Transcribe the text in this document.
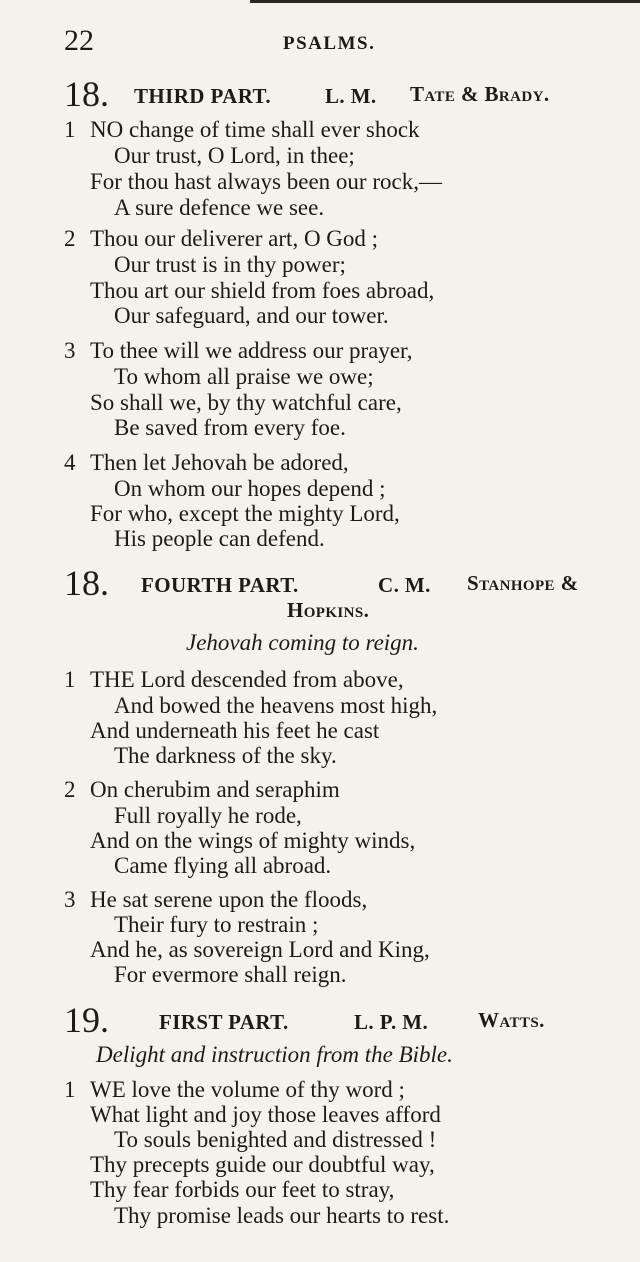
22	PSALMS.
18. THIRD PART.	L. M. Tate & Brady.
1 NO change of time shall ever shock
Our trust, O Lord, in thee;
For thou hast always been our rock,—
A sure defence we see.
2 Thou our deliverer art, O God ;
Our trust is in thy power;
Thou art our shield from foes abroad,
Our safeguard, and our tower.
3 To thee will we address our prayer,
To whom all praise we owe;
So shall we, by thy watchful care,
Be saved from every foe.
4 Then let Jehovah be adored,
On whom our hopes depend ;
For who, except the mighty Lord,
His people can defend.
18. FOURTH PART.	C. M. Stanhope &
Hopkins.
Jehovah coming to reign.
1 THE Lord descended from above,
And bowed the heavens most high,
And underneath his feet he cast
The darkness of the sky.
2 On cherubim and seraphim
Full royally he rode,
And on the wings of mighty winds,
Came flying all abroad.
3 He sat serene upon the floods,
Their fury to restrain ;
And he, as sovereign Lord and King,
For evermore shall reign.
19. FIRST PART.	L. P. M. Watts.
Delight and instruction from the Bible.
1 WE love the volume of thy word ;
What light and joy those leaves afford
To souls benighted and distressed !
Thy precepts guide our doubtful way,
Thy fear forbids our feet to stray,
Thy promise leads our hearts to rest.
